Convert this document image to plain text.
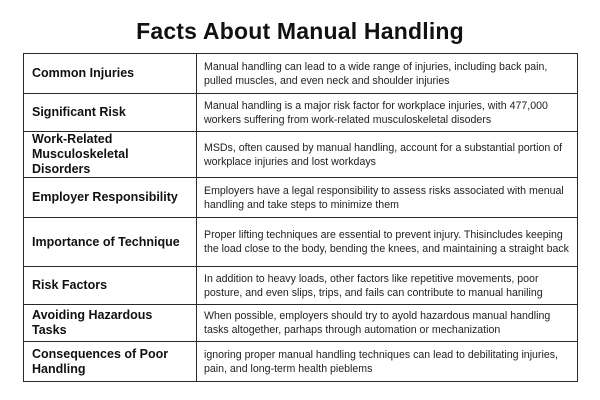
Facts About Manual Handling
Common Injuries	Manual handling can lead to a wide range of injuries, including back pain, pulled muscles, and even neck and shoulder injuries
Significant Risk	Manual handling is a major risk factor for workplace injuries, with 477,000 workers suffering from work-related musculoskeletal disoders
Work-Related Musculoskeletal Disorders	MSDs, often caused by manual handling, account for a substantial portion of workplace injuries and lost workdays
Employer Responsibility	Employers have a legal responsibility to assess risks associated with menual handling and take steps to minimize them
Importance of Technique	Proper lifting techniques are essential to prevent injury. Thisincludes keeping the load close to the body, bending the knees, and maintaining a straight back
Risk Factors	In addition to heavy loads, other factors like repetitive movements, poor posture, and even slips, trips, and fails can contribute to manual haniling
Avoiding Hazardous Tasks	When possible, employers should try to ayold hazardous manual handling tasks altogether, parhaps through automation or mechanization
Consequences of Poor Handling	ignoring proper manual handling techniques can lead to debilitating injuries, pain, and long-term health pieblems
